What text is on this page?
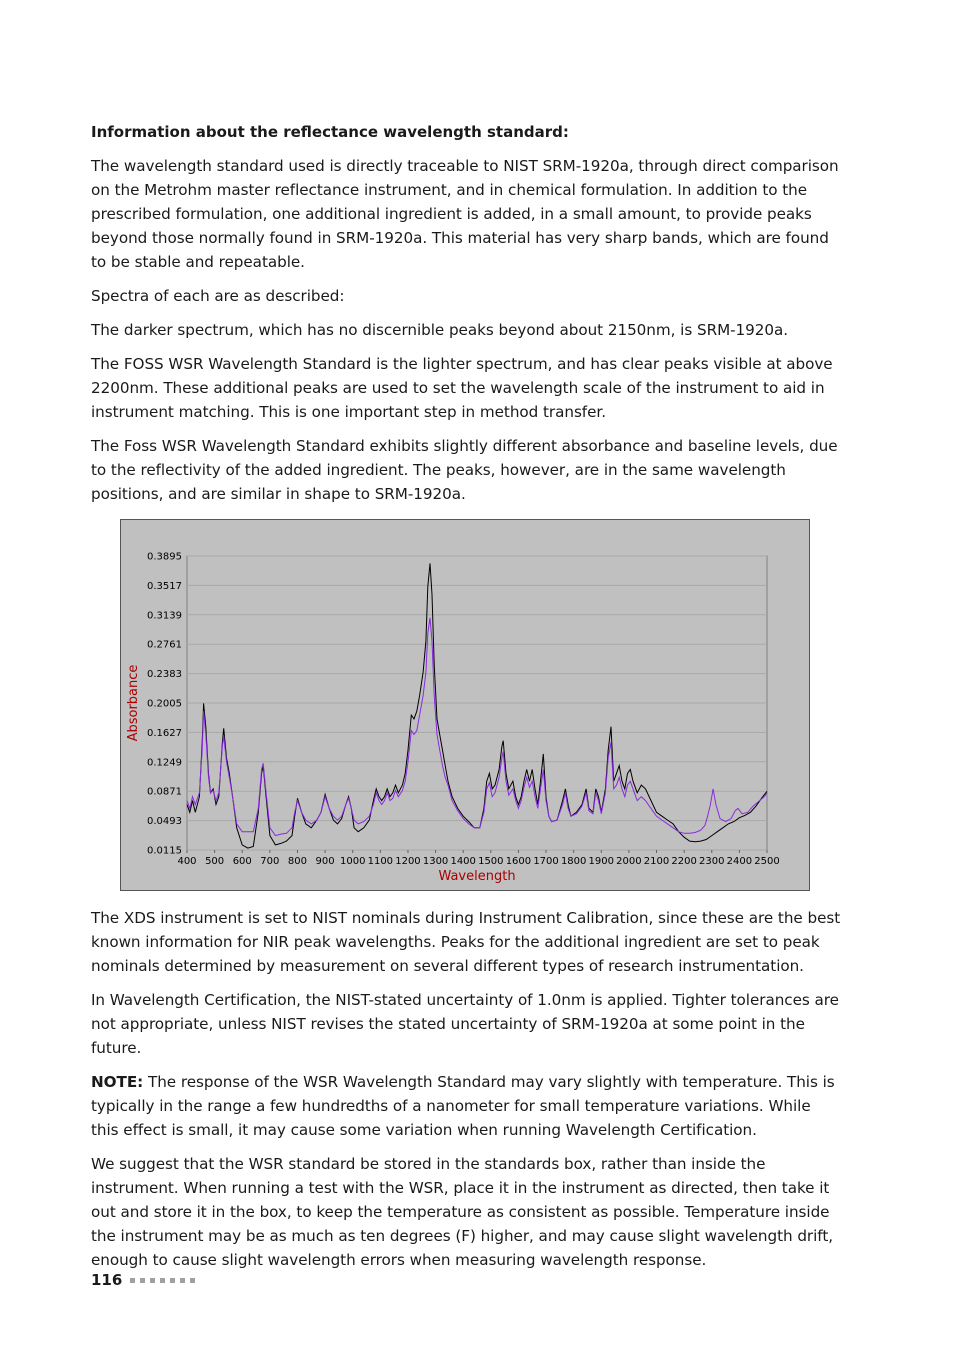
Information about the reflectance wavelength standard:

The wavelength standard used is directly traceable to NIST SRM-1920a, through direct comparison on the Metrohm master reflectance instrument, and in chemical formulation. In addition to the prescribed formulation, one additional ingredient is added, in a small amount, to provide peaks beyond those normally found in SRM-1920a. This material has very sharp bands, which are found to be stable and repeatable.

Spectra of each are as described:

The darker spectrum, which has no discernible peaks beyond about 2150nm, is SRM-1920a.

The FOSS WSR Wavelength Standard is the lighter spectrum, and has clear peaks visible at above 2200nm. These additional peaks are used to set the wavelength scale of the instrument to aid in instrument matching. This is one important step in method transfer.

The Foss WSR Wavelength Standard exhibits slightly different absorbance and baseline levels, due to the reflectivity of the added ingredient. The peaks, however, are in the same wavelength positions, and are similar in shape to SRM-1920a.

0.3895
0.3517
0.3139
0.2761
0.2383
0.2005
0.1627
0.1249
0.0871
0.0493
0.0115
400 500 600 700 800 900 1000 1100 1200 1300 1400 1500 1600 1700 1800 1900 2000 2100 2200 2300 2400 2500
Wavelength
Absorbance

The XDS instrument is set to NIST nominals during Instrument Calibration, since these are the best known information for NIR peak wavelengths. Peaks for the additional ingredient are set to peak nominals determined by measurement on several different types of research instrumentation.

In Wavelength Certification, the NIST-stated uncertainty of 1.0nm is applied. Tighter tolerances are not appropriate, unless NIST revises the stated uncertainty of SRM-1920a at some point in the future.

NOTE: The response of the WSR Wavelength Standard may vary slightly with temperature. This is typically in the range a few hundredths of a nanometer for small temperature variations. While this effect is small, it may cause some variation when running Wavelength Certification.

We suggest that the WSR standard be stored in the standards box, rather than inside the instrument. When running a test with the WSR, place it in the instrument as directed, then take it out and store it in the box, to keep the temperature as consistent as possible. Temperature inside the instrument may be as much as ten degrees (F) higher, and may cause slight wavelength drift, enough to cause slight wavelength errors when measuring wavelength response.

116
